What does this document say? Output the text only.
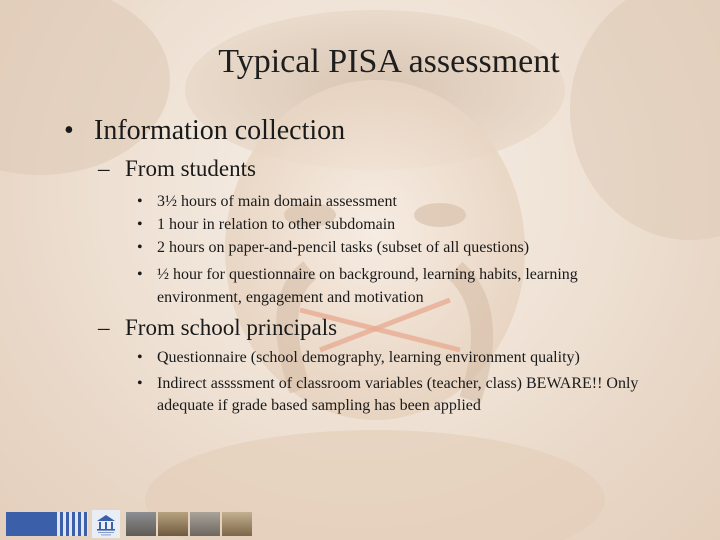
Typical PISA assessment
• Information collection
– From students
• 3½ hours of main domain assessment
• 1 hour in relation to other subdomain
• 2 hours on paper-and-pencil tasks (subset of all questions)
• ½ hour for questionnaire on background, learning habits, learning environment, engagement and motivation
– From school principals
• Questionnaire (school demography, learning environment quality)
• Indirect assssment of classroom variables (teacher, class) BEWARE!! Only adequate if grade based sampling has been applied
